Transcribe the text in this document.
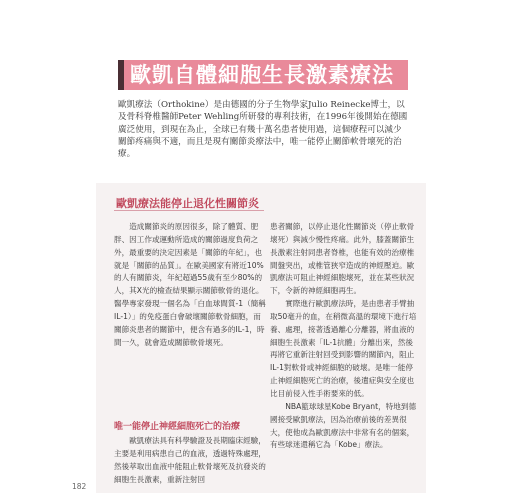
歐凱自體細胞生長激素療法

歐凱療法（Orthokine）是由德國的分子生物學家Julio Reinecke博士，以及骨科脊椎醫師Peter Wehling所研發的專利技術，在1996年後開始在德國廣泛使用，到現在為止，全球已有幾十萬名患者使用過，這個療程可以減少關節疼痛與不適，而且是現有關節炎療法中，唯一能停止關節軟骨壞死的治療。

歐凱療法能停止退化性關節炎

造成關節炎的原因很多，除了體質、肥胖、因工作或運動所造成的關節過度負荷之外，最重要的決定因素是「關節的年紀」，也就是「關節的品質」。在歐美國家有將近10%的人有關節炎，年紀超過55歲有至少80%的人，其X光的檢查結果顯示關節軟骨的退化。醫學專家發現一個名為「白血球間質-1（簡稱IL-1）」的免疫蛋白會破壞關節軟骨細胞，而關節炎患者的關節中，便含有過多的IL-1，時間一久，就會造成關節軟骨壞死。

唯一能停止神經細胞死亡的治療

歐凱療法具有科學驗證及長期臨床經驗，主要是利用病患自己的血液，透過特殊處理，然後萃取出血液中能阻止軟骨壞死及抗發炎的細胞生長激素，重新注射回

患者關節，以停止退化性關節炎（停止軟骨壞死）與減少慢性疼痛。此外，膝蓋關節生長激素注射同患者脊椎，也能有效的治療椎間盤突出，或椎管狹窄造成的神經壓迫。歐凱療法可阻止神經細胞壞死，並在某些狀況下，令新的神經細胞再生。

實際進行歐凱療法時，是由患者手臂抽取50毫升的血，在稍微高溫的環境下進行培養、處理，接著透過離心分離器，將血液的細胞生長激素「IL-1抗體」分離出來，然後再將它重新注射回受到影響的關節內，阻止IL-1對軟骨或神經細胞的破壞。是唯一能停止神經細胞死亡的治療，後遺症與安全度也比目前侵入性手術要來的低。

NBA籃球球星Kobe Bryant，特地到德國接受歐凱療法，因為治療前後的差異很大，使他成為歐凱療法中非常有名的個案，有些球迷還稱它為「Kobe」療法。

182
